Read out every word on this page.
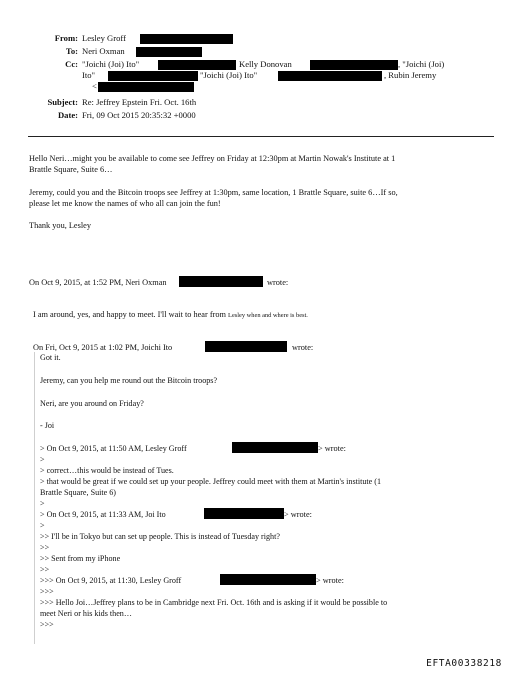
From: Lesley Groff
To: Neri Oxman
Cc: "Joichi (Joi) Ito"	Kelly Donovan	, "Joichi (Joi)
Ito"	"Joichi (Joi) Ito"	, Rubin Jeremy
<
Subject: Re: Jeffrey Epstein Fri. Oct. 16th
Date: Fri, 09 Oct 2015 20:35:32 +0000
Hello Neri…might you be available to come see Jeffrey on Friday at 12:30pm at Martin Nowak's Institute at 1
Brattle Square, Suite 6…
Jeremy, could you and the Bitcoin troops see Jeffrey at 1:30pm, same location, 1 Brattle Square, suite 6…If so,
please let me know the names of who all can join the fun!
Thank you, Lesley
On Oct 9, 2015, at 1:52 PM, Neri Oxman	wrote:
I am around, yes, and happy to meet. I'll wait to hear from Lesley when and where is best.
On Fri, Oct 9, 2015 at 1:02 PM, Joichi Ito	wrote:
Got it.
Jeremy, can you help me round out the Bitcoin troops?
Neri, are you around on Friday?
- Joi
> On Oct 9, 2015, at 11:50 AM, Lesley Groff	> wrote:
>
> correct…this would be instead of Tues.
> that would be great if we could set up your people. Jeffrey could meet with them at Martin's institute (1
Brattle Square, Suite 6)
>
> On Oct 9, 2015, at 11:33 AM, Joi Ito	> wrote:
>
>> I'll be in Tokyo but can set up people. This is instead of Tuesday right?
>>
>> Sent from my iPhone
>>
>>> On Oct 9, 2015, at 11:30, Lesley Groff	> wrote:
>>>
>>> Hello Joi…Jeffrey plans to be in Cambridge next Fri. Oct. 16th and is asking if it would be possible to
meet Neri or his kids then…
>>>
EFTA00338218
